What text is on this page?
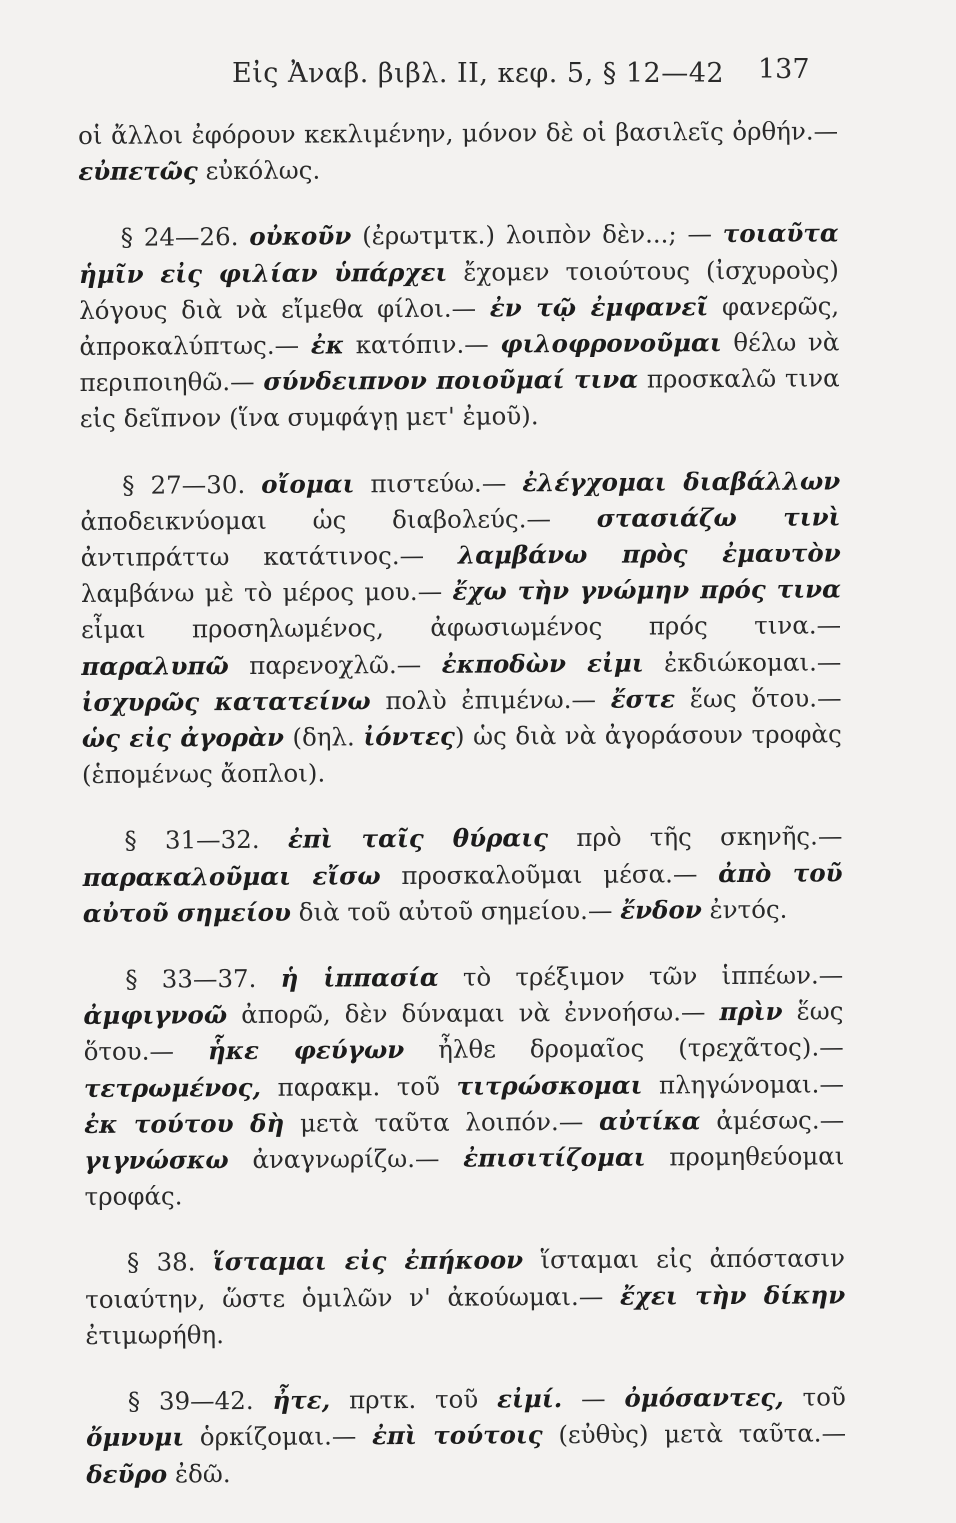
Εἰς Ἀναβ. βιβλ. II, κεφ. 5, § 12—42 137

οἱ ἄλλοι ἐφόρουν κεκλιμένην, μόνον δὲ οἱ βασιλεῖς ὀρθήν.— εὐπετῶς εὐκόλως.

§ 24—26. οὐκοῦν (ἐρωτμτκ.) λοιπὸν δὲν...; — τοιαῦτα ἡμῖν εἰς φιλίαν ὑπάρχει ἔχομεν τοιούτους (ἰσχυροὺς) λόγους διὰ νὰ εἴμεθα φίλοι.— ἐν τῷ ἐμφανεῖ φανερῶς, ἀπροκαλύπτως.— ἐκ κατόπιν.— φιλοφρονοῦμαι θέλω νὰ περιποιηθῶ.— σύνδειπνον ποιοῦμαί τινα προσκαλῶ τινα εἰς δεῖπνον (ἵνα συμφάγῃ μετ' ἐμοῦ).

§ 27—30. οἴομαι πιστεύω.— ἐλέγχομαι διαβάλλων ἀποδεικνύομαι ὡς διαβολεύς.— στασιάζω τινὶ ἀντιπράττω κατάτινος.— λαμβάνω πρὸς ἐμαυτὸν λαμβάνω μὲ τὸ μέρος μου.— ἔχω τὴν γνώμην πρός τινα εἶμαι προσηλωμένος, ἀφωσιωμένος πρός τινα.— παραλυπῶ παρενοχλῶ.— ἐκποδὼν εἰμι ἐκδιώκομαι.— ἰσχυρῶς κατατείνω πολὺ ἐπιμένω.— ἔστε ἕως ὅτου.— ὡς εἰς ἀγορὰν (δηλ. ἰόντες) ὡς διὰ νὰ ἀγοράσουν τροφὰς (ἑπομένως ἄοπλοι).

§ 31—32. ἐπὶ ταῖς θύραις πρὸ τῆς σκηνῆς.— παρακαλοῦμαι εἴσω προσκαλοῦμαι μέσα.— ἀπὸ τοῦ αὐτοῦ σημείου διὰ τοῦ αὐτοῦ σημείου.— ἔνδον ἐντός.

§ 33—37. ἡ ἱππασία τὸ τρέξιμον τῶν ἱππέων.— ἀμφιγνοῶ ἀπορῶ, δὲν δύναμαι νὰ ἐννοήσω.— πρὶν ἕως ὅτου.— ἧκε φεύγων ἦλθε δρομαῖος (τρεχᾶτος).— τετρωμένος, παρακμ. τοῦ τιτρώσκομαι πληγώνομαι.— ἐκ τούτου δὴ μετὰ ταῦτα λοιπόν.— αὐτίκα ἀμέσως.— γιγνώσκω ἀναγνωρίζω.— ἐπισιτίζομαι προμηθεύομαι τροφάς.

§ 38. ἵσταμαι εἰς ἐπήκοον ἵσταμαι εἰς ἀπόστασιν τοιαύτην, ὥστε ὁμιλῶν ν' ἀκούωμαι.— ἔχει τὴν δίκην ἐτιμωρήθη.

§ 39—42. ἦτε, πρτκ. τοῦ εἰμί. — ὀμόσαντες, τοῦ ὄμνυμι ὁρκίζομαι.— ἐπὶ τούτοις (εὐθὺς) μετὰ ταῦτα.— δεῦρο ἐδῶ.
